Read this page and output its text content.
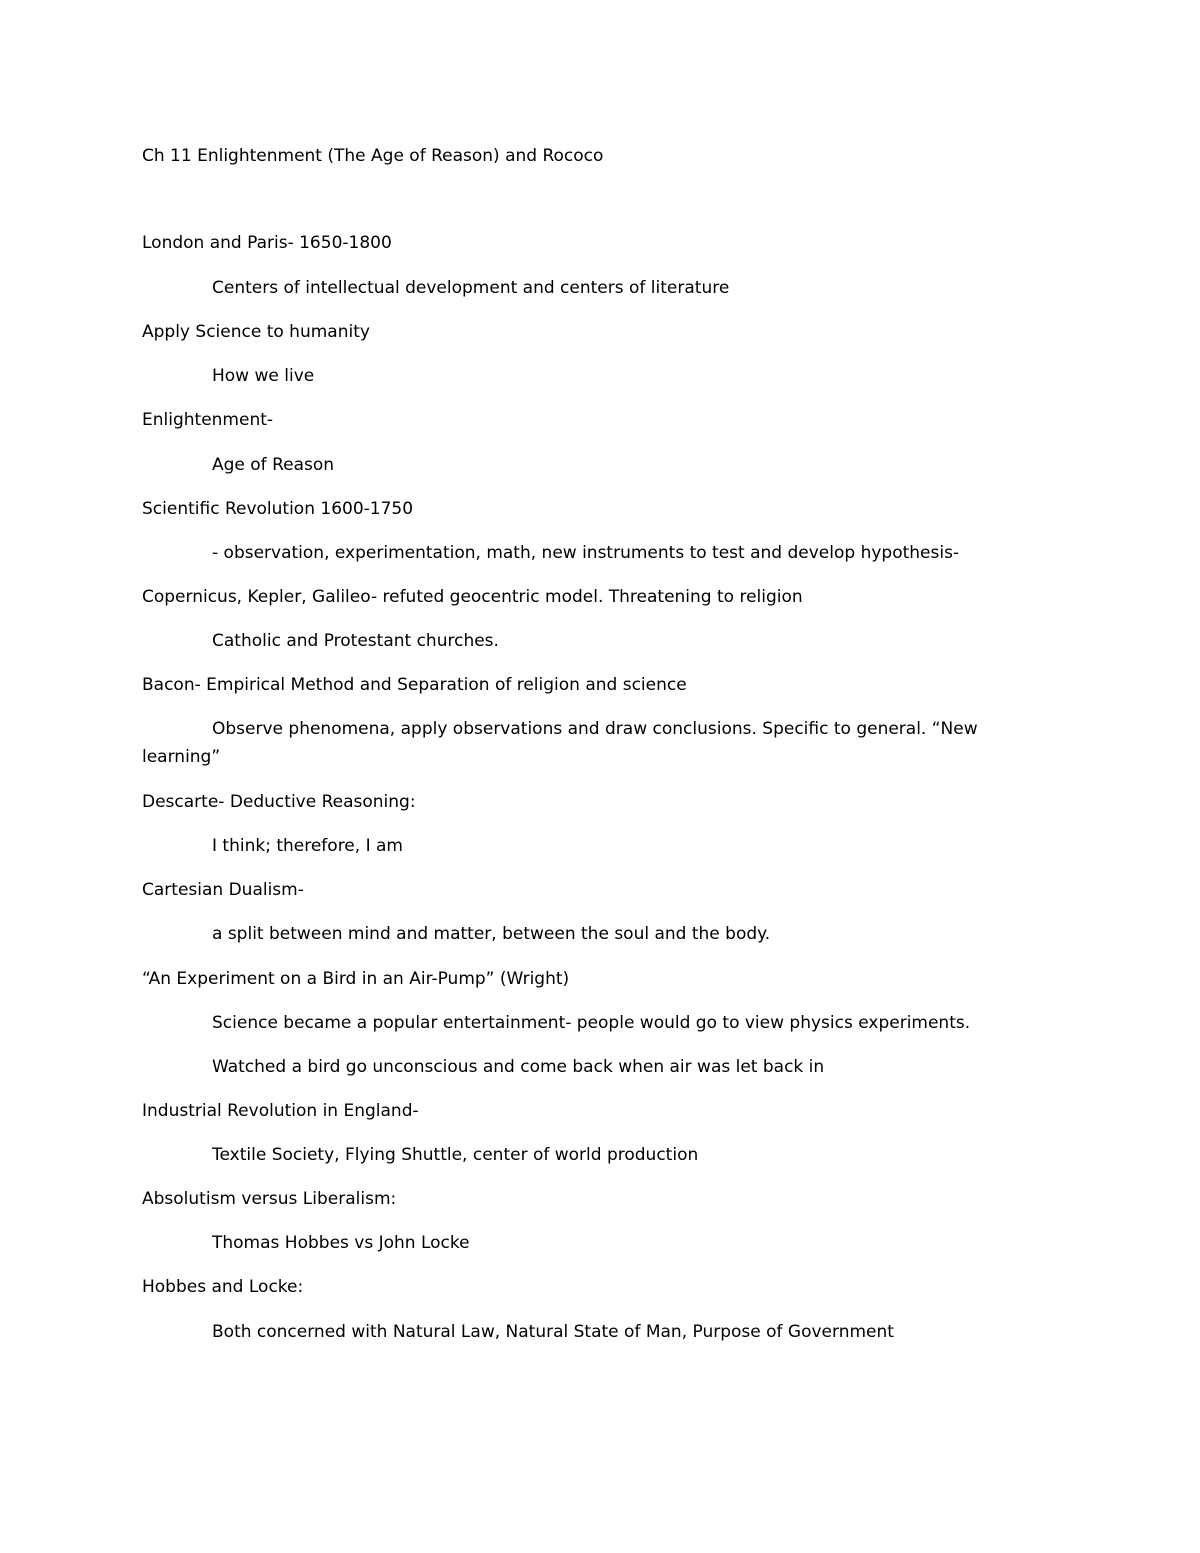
Ch 11 Enlightenment (The Age of Reason) and Rococo
London and Paris- 1650-1800
Centers of intellectual development and centers of literature
Apply Science to humanity
How we live
Enlightenment-
Age of Reason
Scientific Revolution 1600-1750
- observation, experimentation, math, new instruments to test and develop hypothesis-
Copernicus, Kepler, Galileo- refuted geocentric model. Threatening to religion
Catholic and Protestant churches.
Bacon- Empirical Method and Separation of religion and science
Observe phenomena, apply observations and draw conclusions. Specific to general. “New
learning”
Descarte- Deductive Reasoning:
I think; therefore, I am
Cartesian Dualism-
a split between mind and matter, between the soul and the body.
“An Experiment on a Bird in an Air-Pump” (Wright)
Science became a popular entertainment- people would go to view physics experiments.
Watched a bird go unconscious and come back when air was let back in
Industrial Revolution in England-
Textile Society, Flying Shuttle, center of world production
Absolutism versus Liberalism:
Thomas Hobbes vs John Locke
Hobbes and Locke:
Both concerned with Natural Law, Natural State of Man, Purpose of Government
